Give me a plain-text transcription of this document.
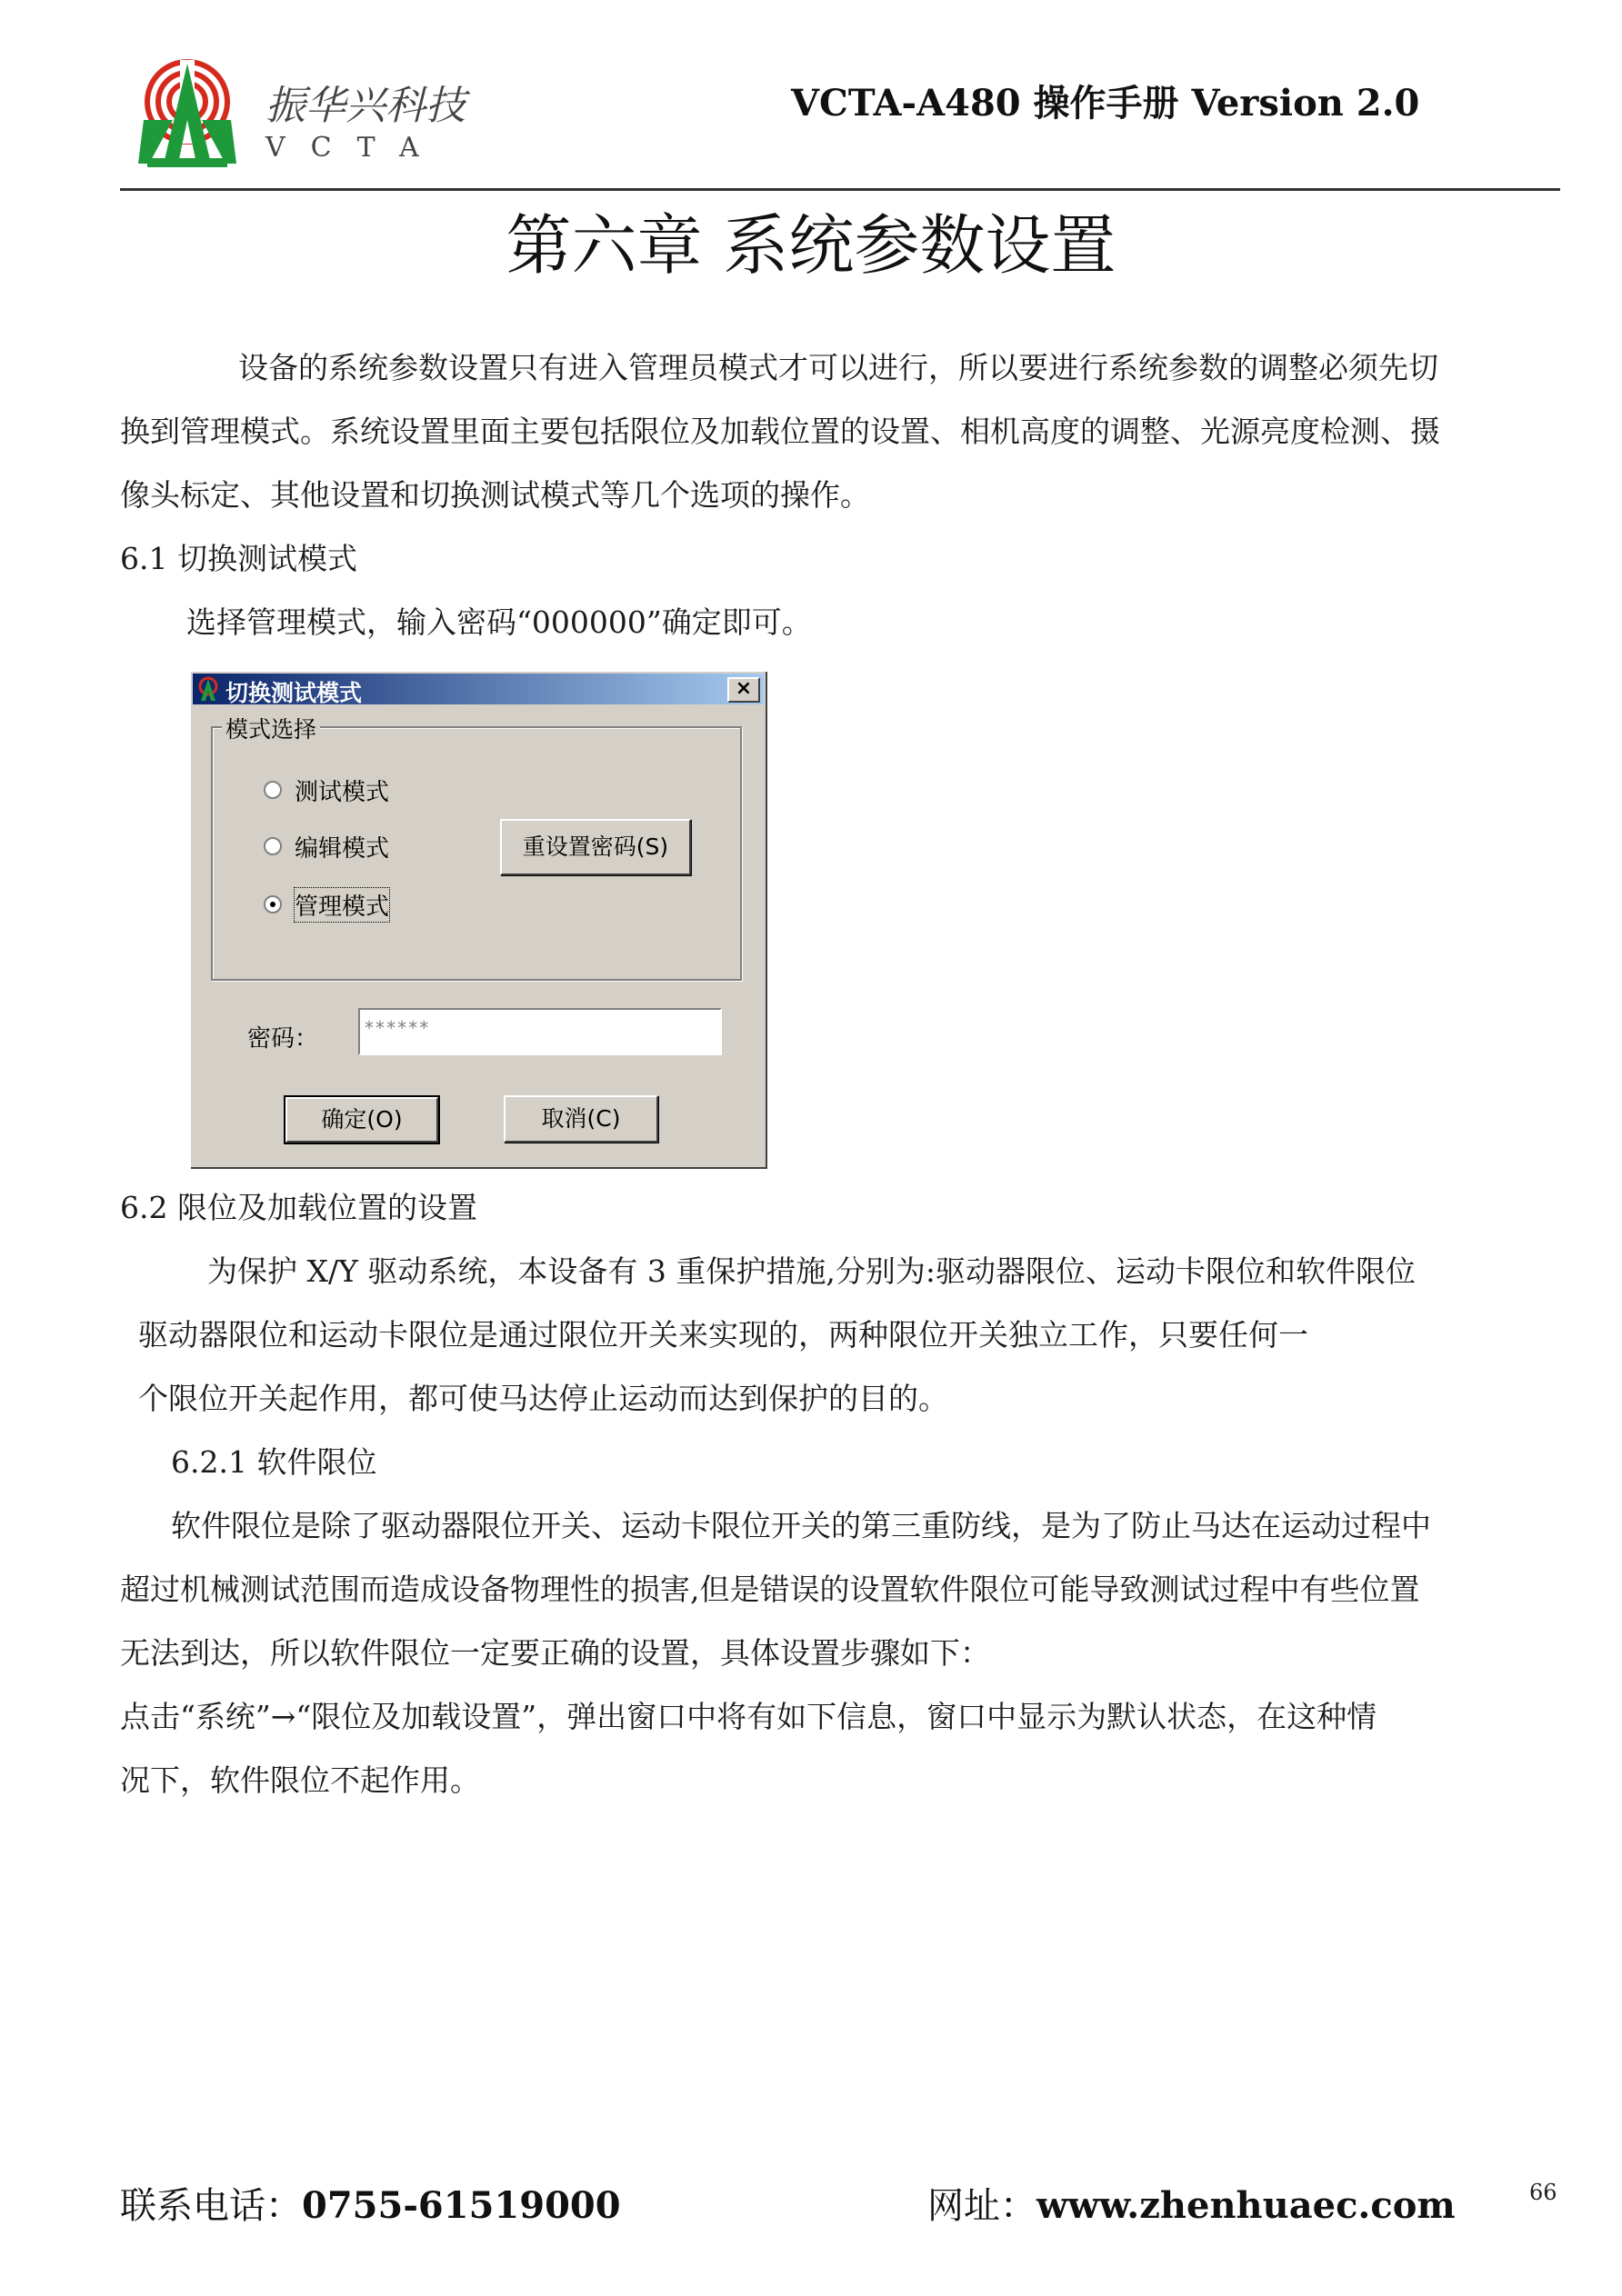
振华兴科技
VCTA
VCTA-A480 操作手册 Version 2.0
第六章 系统参数设置
设备的系统参数设置只有进入管理员模式才可以进行，所以要进行系统参数的调整必须先切
换到管理模式。系统设置里面主要包括限位及加载位置的设置、相机高度的调整、光源亮度检测、摄
像头标定、其他设置和切换测试模式等几个选项的操作。
6.1 切换测试模式
选择管理模式，输入密码“000000”确定即可。
切换测试模式	×
模式选择
测试模式
编辑模式
管理模式
重设置密码(S)
密码：	******
确定(O)	取消(C)
6.2 限位及加载位置的设置
为保护 X/Y 驱动系统，本设备有 3 重保护措施,分别为:驱动器限位、运动卡限位和软件限位
驱动器限位和运动卡限位是通过限位开关来实现的，两种限位开关独立工作，只要任何一
个限位开关起作用，都可使马达停止运动而达到保护的目的。
6.2.1 软件限位
软件限位是除了驱动器限位开关、运动卡限位开关的第三重防线，是为了防止马达在运动过程中
超过机械测试范围而造成设备物理性的损害,但是错误的设置软件限位可能导致测试过程中有些位置
无法到达，所以软件限位一定要正确的设置，具体设置步骤如下：
点击“系统”→“限位及加载设置”，弹出窗口中将有如下信息，窗口中显示为默认状态，在这种情
况下，软件限位不起作用。
联系电话：0755-61519000	网址：www.zhenhuaec.com	66
